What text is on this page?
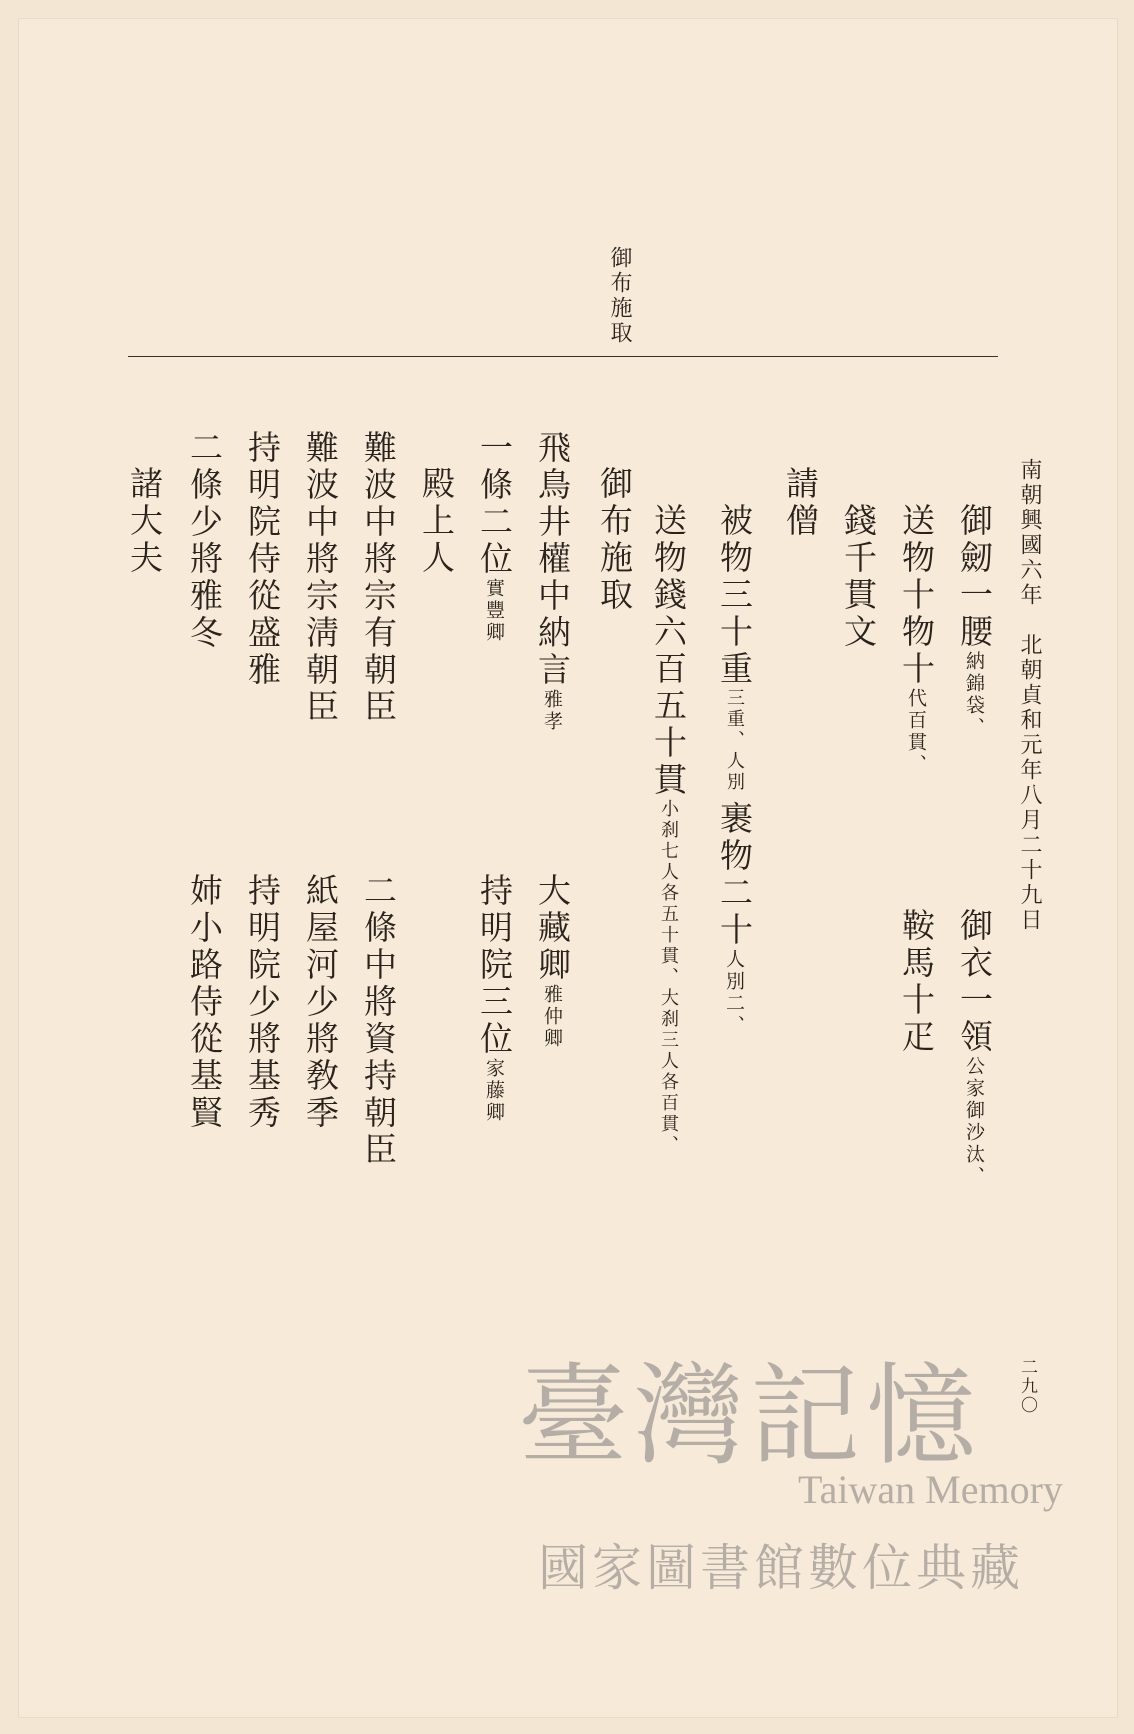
御布施取
南朝興國六年　北朝貞和元年八月二十九日
御劒一腰納錦袋、
御衣一領公家御沙汰、
送物十物十代百貫、
鞍馬十疋
錢千貫文
請僧
被物三十重
人別
三重、
裹物二十人別二、
送物錢六百五十貫
大刹三人各百貫、
小刹七人各五十貫、
御布施取
飛鳥井權中納言雅孝
大藏卿雅仲卿
一條二位實豐卿
持明院三位家藤卿
殿上人
難波中將宗有朝臣
二條中將資持朝臣
難波中將宗淸朝臣
紙屋河少將敎季
持明院侍從盛雅
持明院少將基秀
二條少將雅冬
姉小路侍從基賢
諸大夫
二九〇
臺灣記憶
Taiwan Memory
國家圖書館數位典藏
